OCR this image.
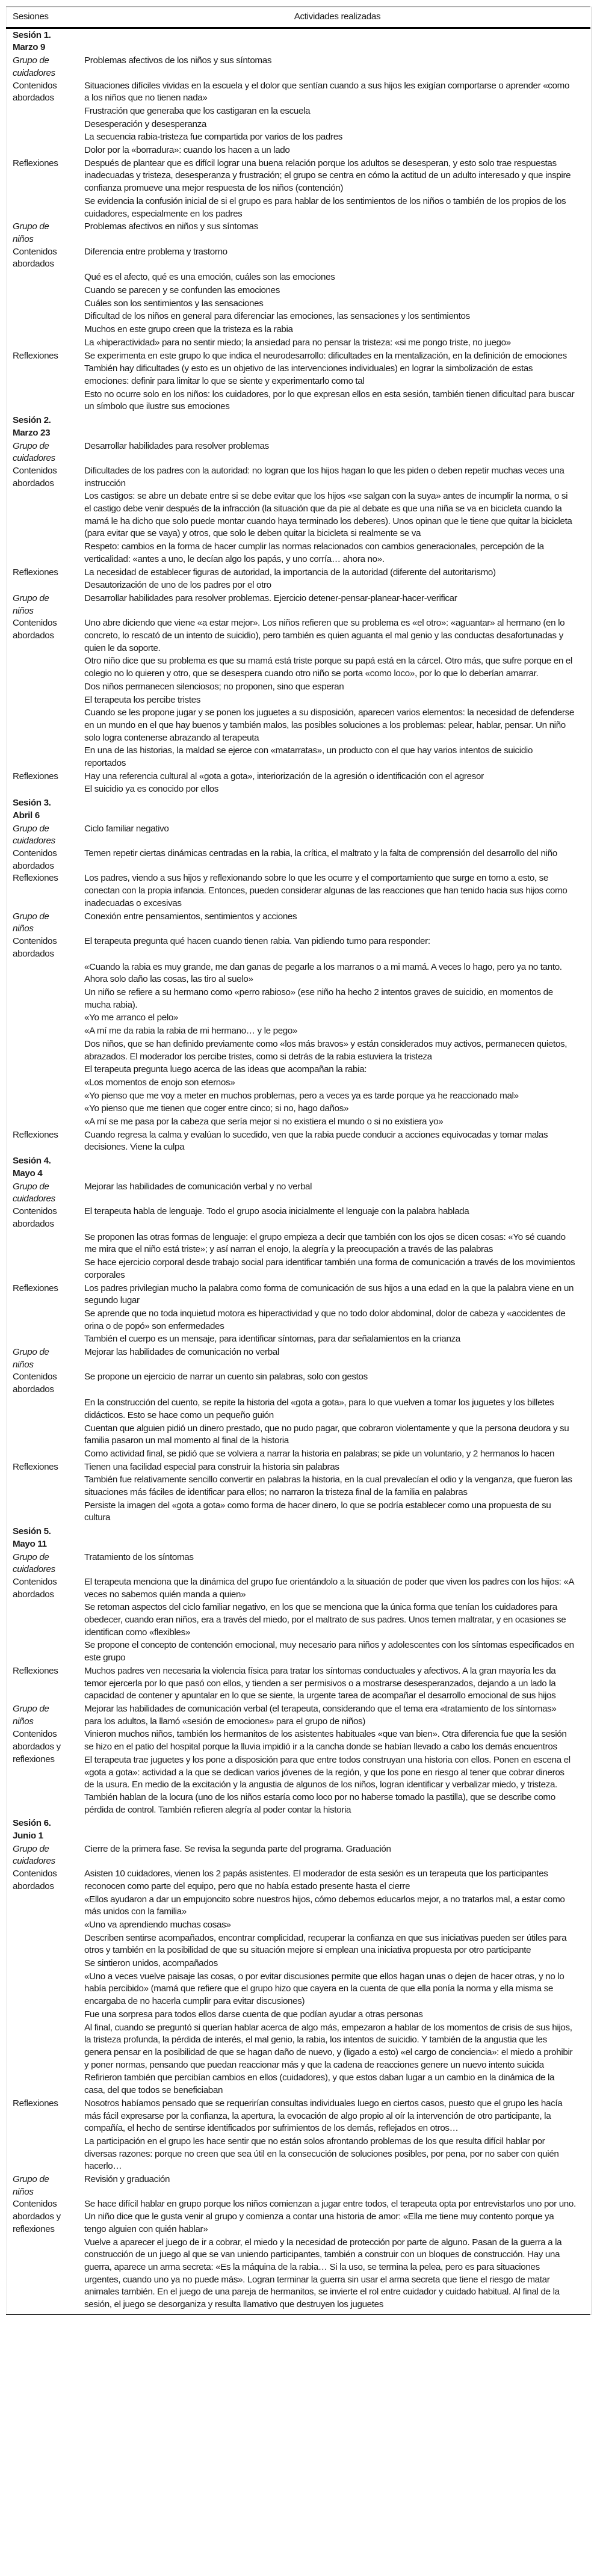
Sesiones	Actividades realizadas

Sesión 1.
Marzo 9	

Grupo de
cuidadores	Problemas afectivos de los niños y sus síntomas

Contenidos
abordados

Situaciones difíciles vividas en la escuela y el dolor que sentían cuando a sus hijos les exigían comportarse o aprender «como a los niños que no tienen nada»
Frustración que generaba que los castigaran en la escuela
Desesperación y desesperanza
La secuencia rabia-tristeza fue compartida por varios de los padres
Dolor por la «borradura»: cuando los hacen a un lado

Reflexiones	Después de plantear que es difícil lograr una buena relación porque los adultos se desesperan, y esto solo trae respuestas inadecuadas y tristeza, desesperanza y frustración; el grupo se centra en cómo la actitud de un adulto interesado y que inspire confianza promueve una mejor respuesta de los niños (contención)
Se evidencia la confusión inicial de si el grupo es para hablar de los sentimientos de los niños o también de los propios de los cuidadores, especialmente en los padres

Grupo de
niños	Problemas afectivos en niños y sus síntomas

Contenidos
abordados

Diferencia entre problema y trastorno
Qué es el afecto, qué es una emoción, cuáles son las emociones
Cuando se parecen y se confunden las emociones
Cuáles son los sentimientos y las sensaciones
Dificultad de los niños en general para diferenciar las emociones, las sensaciones y los sentimientos
Muchos en este grupo creen que la tristeza es la rabia
La «hiperactividad» para no sentir miedo; la ansiedad para no pensar la tristeza: «si me pongo triste, no juego»

Reflexiones	Se experimenta en este grupo lo que indica el neurodesarrollo: dificultades en la mentalización, en la definición de emociones
También hay dificultades (y esto es un objetivo de las intervenciones individuales) en lograr la simbolización de estas emociones: definir para limitar lo que se siente y experimentarlo como tal
Esto no ocurre solo en los niños: los cuidadores, por lo que expresan ellos en esta sesión, también tienen dificultad para buscar un símbolo que ilustre sus emociones

Sesión 2.
Marzo 23	

Grupo de
cuidadores	Desarrollar habilidades para resolver problemas

Contenidos
abordados

Dificultades de los padres con la autoridad: no logran que los hijos hagan lo que les piden o deben repetir muchas veces una instrucción
Los castigos: se abre un debate entre si se debe evitar que los hijos «se salgan con la suya» antes de incumplir la norma, o si el castigo debe venir después de la infracción (la situación que da pie al debate es que una niña se va en bicicleta cuando la mamá le ha dicho que solo puede montar cuando haya terminado los deberes). Unos opinan que le tiene que quitar la bicicleta (para evitar que se vaya) y otros, que solo le deben quitar la bicicleta si realmente se va
Respeto: cambios en la forma de hacer cumplir las normas relacionados con cambios generacionales, percepción de la verticalidad: «antes a uno, le decían algo los papás, y uno corría… ahora no».

Reflexiones	La necesidad de establecer figuras de autoridad, la importancia de la autoridad (diferente del autoritarismo)
Desautorización de uno de los padres por el otro

Grupo de
niños	Desarrollar habilidades para resolver problemas. Ejercicio detener-pensar-planear-hacer-verificar

Contenidos
abordados

Uno abre diciendo que viene «a estar mejor». Los niños refieren que su problema es «el otro»: «aguantar» al hermano (en lo concreto, lo rescató de un intento de suicidio), pero también es quien aguanta el mal genio y las conductas desafortunadas y quien le da soporte.
Otro niño dice que su problema es que su mamá está triste porque su papá está en la cárcel. Otro más, que sufre porque en el colegio no lo quieren y otro, que se desespera cuando otro niño se porta «como loco», por lo que lo deberían amarrar.
Dos niños permanecen silenciosos; no proponen, sino que esperan
El terapeuta los percibe tristes
Cuando se les propone jugar y se ponen los juguetes a su disposición, aparecen varios elementos: la necesidad de defenderse en un mundo en el que hay buenos y también malos, las posibles soluciones a los problemas: pelear, hablar, pensar. Un niño solo logra contenerse abrazando al terapeuta
En una de las historias, la maldad se ejerce con «matarratas», un producto con el que hay varios intentos de suicidio reportados

Reflexiones	Hay una referencia cultural al «gota a gota», interiorización de la agresión o identificación con el agresor
El suicidio ya es conocido por ellos

Sesión 3.
Abril 6	

Grupo de
cuidadores	Ciclo familiar negativo

Contenidos
abordados	Temen repetir ciertas dinámicas centradas en la rabia, la crítica, el maltrato y la falta de comprensión del desarrollo del niño

Reflexiones	Los padres, viendo a sus hijos y reflexionando sobre lo que les ocurre y el comportamiento que surge en torno a esto, se conectan con la propia infancia. Entonces, pueden considerar algunas de las reacciones que han tenido hacia sus hijos como inadecuadas o excesivas

Grupo de
niños	Conexión entre pensamientos, sentimientos y acciones

Contenidos
abordados

El terapeuta pregunta qué hacen cuando tienen rabia. Van pidiendo turno para responder:
«Cuando la rabia es muy grande, me dan ganas de pegarle a los marranos o a mi mamá. A veces lo hago, pero ya no tanto. Ahora solo daño las cosas, las tiro al suelo»
Un niño se refiere a su hermano como «perro rabioso» (ese niño ha hecho 2 intentos graves de suicidio, en momentos de mucha rabia).
«Yo me arranco el pelo»
«A mí me da rabia la rabia de mi hermano… y le pego»
Dos niños, que se han definido previamente como «los más bravos» y están considerados muy activos, permanecen quietos, abrazados. El moderador los percibe tristes, como si detrás de la rabia estuviera la tristeza
El terapeuta pregunta luego acerca de las ideas que acompañan la rabia:
«Los momentos de enojo son eternos»
«Yo pienso que me voy a meter en muchos problemas, pero a veces ya es tarde porque ya he reaccionado mal»
«Yo pienso que me tienen que coger entre cinco; si no, hago daños»
«A mí se me pasa por la cabeza que sería mejor si no existiera el mundo o si no existiera yo»

Reflexiones	Cuando regresa la calma y evalúan lo sucedido, ven que la rabia puede conducir a acciones equivocadas y tomar malas decisiones. Viene la culpa

Sesión 4.
Mayo 4	

Grupo de
cuidadores	Mejorar las habilidades de comunicación verbal y no verbal

Contenidos
abordados

El terapeuta habla de lenguaje. Todo el grupo asocia inicialmente el lenguaje con la palabra hablada
Se proponen las otras formas de lenguaje: el grupo empieza a decir que también con los ojos se dicen cosas: «Yo sé cuando me mira que el niño está triste»; y así narran el enojo, la alegría y la preocupación a través de las palabras
Se hace ejercicio corporal desde trabajo social para identificar también una forma de comunicación a través de los movimientos corporales

Reflexiones	Los padres privilegian mucho la palabra como forma de comunicación de sus hijos a una edad en la que la palabra viene en un segundo lugar
Se aprende que no toda inquietud motora es hiperactividad y que no todo dolor abdominal, dolor de cabeza y «accidentes de orina o de popó» son enfermedades
También el cuerpo es un mensaje, para identificar síntomas, para dar señalamientos en la crianza

Grupo de
niños	Mejorar las habilidades de comunicación no verbal

Contenidos
abordados

Se propone un ejercicio de narrar un cuento sin palabras, solo con gestos
En la construcción del cuento, se repite la historia del «gota a gota», para lo que vuelven a tomar los juguetes y los billetes didácticos. Esto se hace como un pequeño guión
Cuentan que alguien pidió un dinero prestado, que no pudo pagar, que cobraron violentamente y que la persona deudora y su familia pasaron un mal momento al final de la historia
Como actividad final, se pidió que se volviera a narrar la historia en palabras; se pide un voluntario, y 2 hermanos lo hacen

Reflexiones	Tienen una facilidad especial para construir la historia sin palabras
También fue relativamente sencillo convertir en palabras la historia, en la cual prevalecían el odio y la venganza, que fueron las situaciones más fáciles de identificar para ellos; no narraron la tristeza final de la familia en palabras
Persiste la imagen del «gota a gota» como forma de hacer dinero, lo que se podría establecer como una propuesta de su cultura

Sesión 5.
Mayo 11	

Grupo de
cuidadores	Tratamiento de los síntomas

Contenidos
abordados

El terapeuta menciona que la dinámica del grupo fue orientándolo a la situación de poder que viven los padres con los hijos: «A veces no sabemos quién manda a quien»
Se retoman aspectos del ciclo familiar negativo, en los que se menciona que la única forma que tenían los cuidadores para obedecer, cuando eran niños, era a través del miedo, por el maltrato de sus padres. Unos temen maltratar, y en ocasiones se identifican como «flexibles»
Se propone el concepto de contención emocional, muy necesario para niños y adolescentes con los síntomas especificados en este grupo

Reflexiones	Muchos padres ven necesaria la violencia física para tratar los síntomas conductuales y afectivos. A la gran mayoría les da temor ejercerla por lo que pasó con ellos, y tienden a ser permisivos o a mostrarse desesperanzados, dejando a un lado la capacidad de contener y apuntalar en lo que se siente, la urgente tarea de acompañar el desarrollo emocional de sus hijos

Grupo de
niños	Mejorar las habilidades de comunicación verbal (el terapeuta, considerando que el tema era «tratamiento de los síntomas» para los adultos, la llamó «sesión de emociones» para el grupo de niños)

Contenidos
abordados y
reflexiones

Vinieron muchos niños, también los hermanitos de los asistentes habituales «que van bien». Otra diferencia fue que la sesión se hizo en el patio del hospital porque la lluvia impidió ir a la cancha donde se habían llevado a cabo los demás encuentros
El terapeuta trae juguetes y los pone a disposición para que entre todos construyan una historia con ellos. Ponen en escena el «gota a gota»: actividad a la que se dedican varios jóvenes de la región, y que los pone en riesgo al tener que cobrar dineros de la usura. En medio de la excitación y la angustia de algunos de los niños, logran identificar y verbalizar miedo, y tristeza. También hablan de la locura (uno de los niños estaría como loco por no haberse tomado la pastilla), que se describe como pérdida de control. También refieren alegría al poder contar la historia

Sesión 6.
Junio 1	

Grupo de
cuidadores	Cierre de la primera fase. Se revisa la segunda parte del programa. Graduación

Contenidos
abordados

Asisten 10 cuidadores, vienen los 2 papás asistentes. El moderador de esta sesión es un terapeuta que los participantes reconocen como parte del equipo, pero que no había estado presente hasta el cierre
«Ellos ayudaron a dar un empujoncito sobre nuestros hijos, cómo debemos educarlos mejor, a no tratarlos mal, a estar como más unidos con la familia»
«Uno va aprendiendo muchas cosas»
Describen sentirse acompañados, encontrar complicidad, recuperar la confianza en que sus iniciativas pueden ser útiles para otros y también en la posibilidad de que su situación mejore si emplean una iniciativa propuesta por otro participante
Se sintieron unidos, acompañados
«Uno a veces vuelve paisaje las cosas, o por evitar discusiones permite que ellos hagan unas o dejen de hacer otras, y no lo había percibido» (mamá que refiere que el grupo hizo que cayera en la cuenta de que ella ponía la norma y ella misma se encargaba de no hacerla cumplir para evitar discusiones)
Fue una sorpresa para todos ellos darse cuenta de que podían ayudar a otras personas
Al final, cuando se preguntó si querían hablar acerca de algo más, empezaron a hablar de los momentos de crisis de sus hijos, la tristeza profunda, la pérdida de interés, el mal genio, la rabia, los intentos de suicidio. Y también de la angustia que les genera pensar en la posibilidad de que se hagan daño de nuevo, y (ligado a esto) «el cargo de conciencia»: el miedo a prohibir y poner normas, pensando que puedan reaccionar más y que la cadena de reacciones genere un nuevo intento suicida
Refirieron también que percibían cambios en ellos (cuidadores), y que estos daban lugar a un cambio en la dinámica de la casa, del que todos se beneficiaban

Reflexiones	Nosotros habíamos pensado que se requerirían consultas individuales luego en ciertos casos, puesto que el grupo les hacía más fácil expresarse por la confianza, la apertura, la evocación de algo propio al oír la intervención de otro participante, la compañía, el hecho de sentirse identificados por sufrimientos de los demás, reflejados en otros…
La participación en el grupo les hace sentir que no están solos afrontando problemas de los que resulta difícil hablar por diversas razones: porque no creen que sea útil en la consecución de soluciones posibles, por pena, por no saber con quién hacerlo…

Grupo de
niños	Revisión y graduación

Contenidos
abordados y
reflexiones

Se hace difícil hablar en grupo porque los niños comienzan a jugar entre todos, el terapeuta opta por entrevistarlos uno por uno. Un niño dice que le gusta venir al grupo y comienza a contar una historia de amor: «Ella me tiene muy contento porque ya tengo alguien con quién hablar»
Vuelve a aparecer el juego de ir a cobrar, el miedo y la necesidad de protección por parte de alguno. Pasan de la guerra a la construcción de un juego al que se van uniendo participantes, también a construir con un bloques de construcción. Hay una guerra, aparece un arma secreta: «Es la máquina de la rabia… Si la uso, se termina la pelea, pero es para situaciones urgentes, cuando uno ya no puede más». Logran terminar la guerra sin usar el arma secreta que tiene el riesgo de matar animales también. En el juego de una pareja de hermanitos, se invierte el rol entre cuidador y cuidado habitual. Al final de la sesión, el juego se desorganiza y resulta llamativo que destruyen los juguetes
